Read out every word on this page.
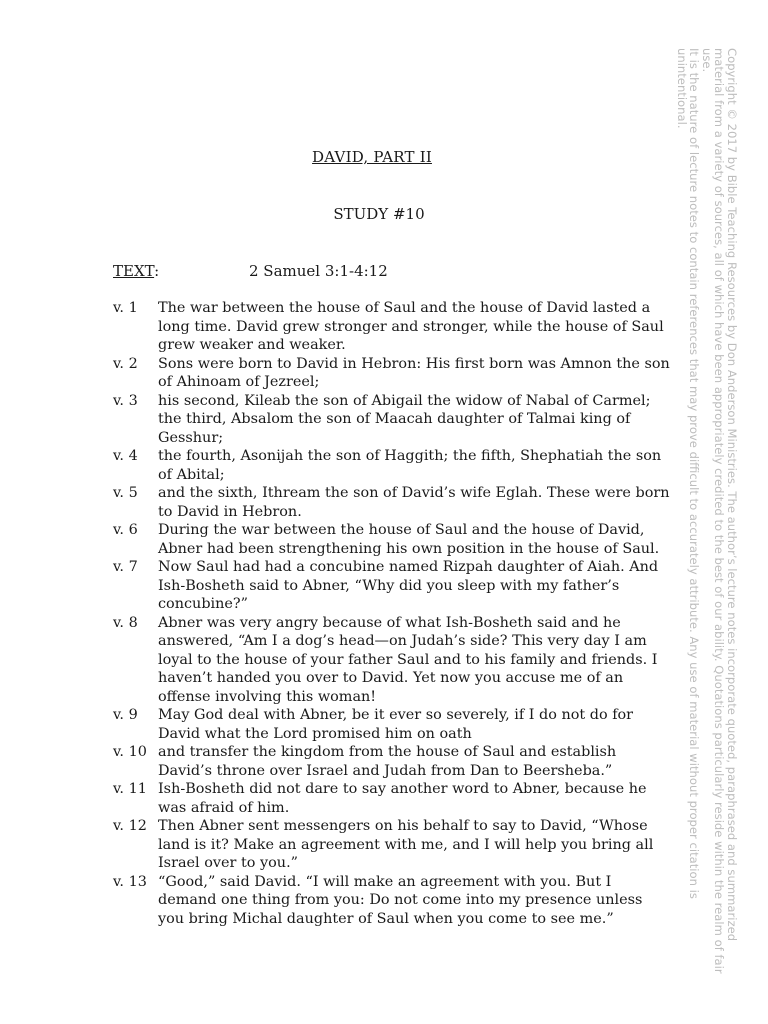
DAVID, PART II
STUDY #10
TEXT:	2 Samuel 3:1-4:12
v. 1	The war between the house of Saul and the house of David lasted a long time. David grew stronger and stronger, while the house of Saul grew weaker and weaker.
v. 2	Sons were born to David in Hebron: His first born was Amnon the son of Ahinoam of Jezreel;
v. 3	his second, Kileab the son of Abigail the widow of Nabal of Carmel; the third, Absalom the son of Maacah daughter of Talmai king of Gesshur;
v. 4	the fourth, Asonijah the son of Haggith; the fifth, Shephatiah the son of Abital;
v. 5	and the sixth, Ithream the son of David’s wife Eglah. These were born to David in Hebron.
v. 6	During the war between the house of Saul and the house of David, Abner had been strengthening his own position in the house of Saul.
v. 7	Now Saul had had a concubine named Rizpah daughter of Aiah. And Ish-Bosheth said to Abner, “Why did you sleep with my father’s concubine?”
v. 8	Abner was very angry because of what Ish-Bosheth said and he answered, “Am I a dog’s head—on Judah’s side? This very day I am loyal to the house of your father Saul and to his family and friends. I haven’t handed you over to David. Yet now you accuse me of an offense involving this woman!
v. 9	May God deal with Abner, be it ever so severely, if I do not do for David what the Lord promised him on oath
v. 10 and transfer the kingdom from the house of Saul and establish David’s throne over Israel and Judah from Dan to Beersheba.”
v. 11 Ish-Bosheth did not dare to say another word to Abner, because he was afraid of him.
v. 12 Then Abner sent messengers on his behalf to say to David, “Whose land is it? Make an agreement with me, and I will help you bring all Israel over to you.”
v. 13 “Good,” said David. “I will make an agreement with you. But I demand one thing from you: Do not come into my presence unless you bring Michal daughter of Saul when you come to see me.”	Copyright © 2017 by Bible Teaching Resources by Don Anderson Ministries. The author’s lecture notes incorporate quoted, paraphrased and summarized
material from a variety of sources, all of which have been appropriately credited to the best of our ability. Quotations particularly reside within the realm of fair use.
It is the nature of lecture notes to contain references that may prove difficult to accurately attribute. Any use of material without proper citation is unintentional.
